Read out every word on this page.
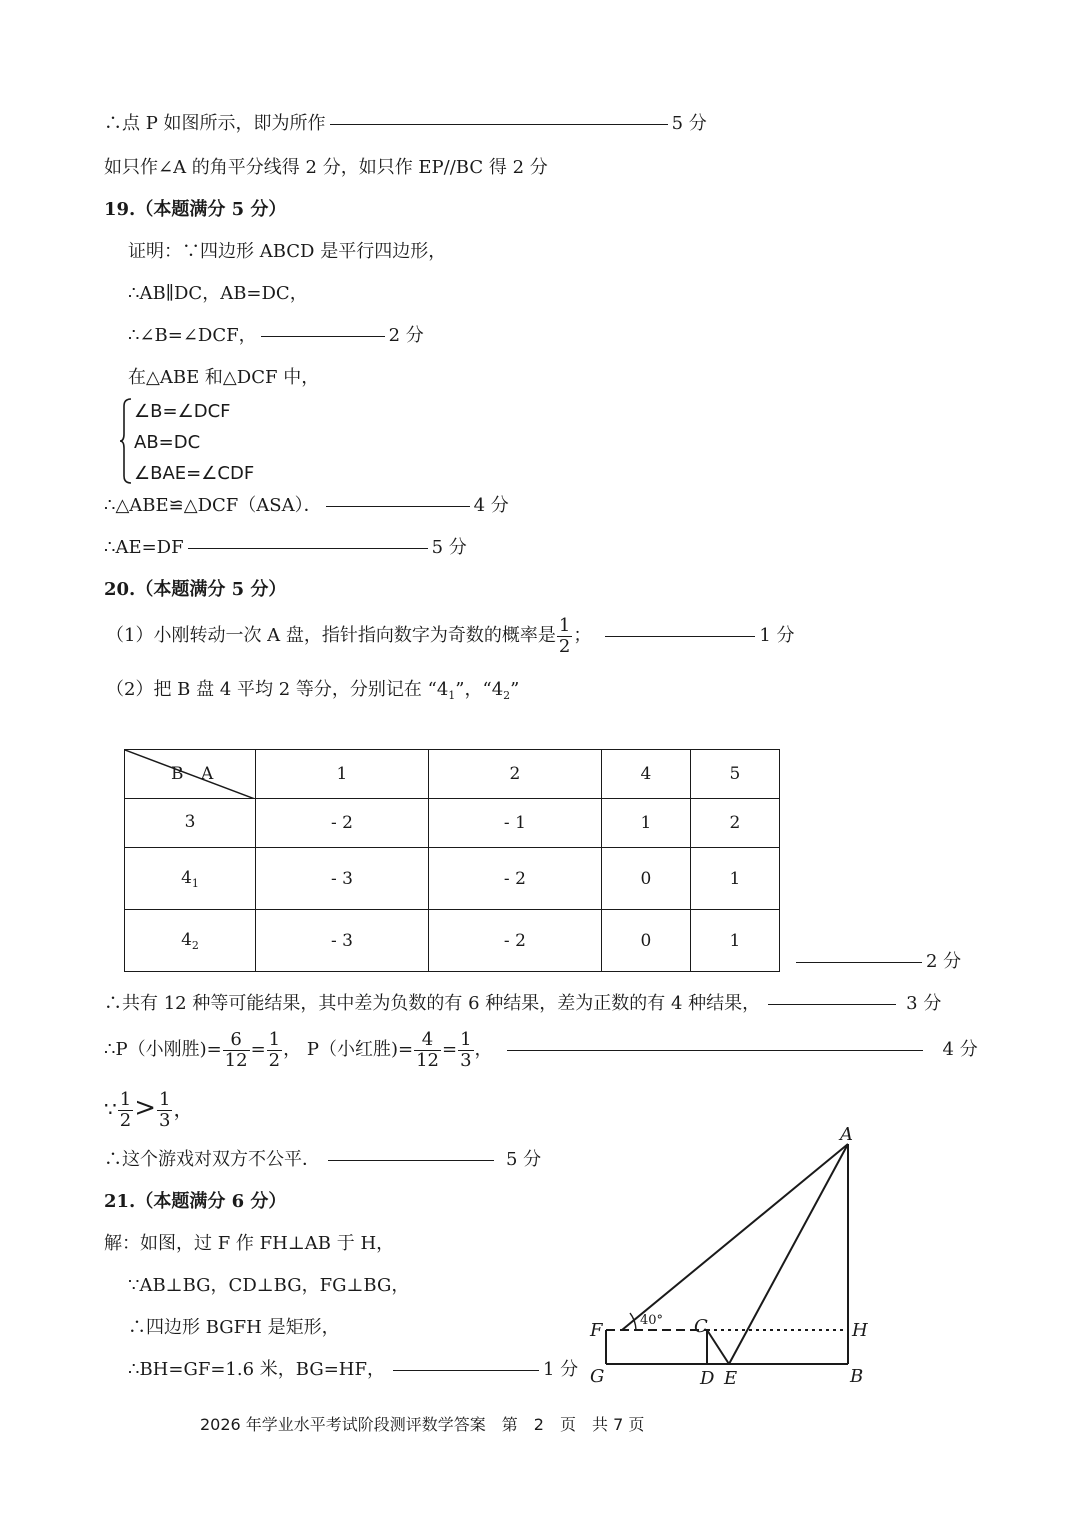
∴点 P 如图所示，即为所作	5 分
如只作∠A 的角平分线得 2 分，如只作 EP//BC 得 2 分
19.（本题满分 5 分）
证明：∵四边形 ABCD 是平行四边形，
∴AB∥DC，AB=DC，
∴∠B=∠DCF，	2 分
在△ABE 和△DCF 中，
∠B=∠DCF
AB=DC
∠BAE=∠CDF
∴△ABE≌△DCF（ASA）．	4 分
∴AE=DF	5 分
20.（本题满分 5 分）
（1）小刚转动一次 A 盘，指针指向数字为奇数的概率是 $\frac{1}{2}$ ；	1 分
（2）把 B 盘 4 平均 2 等分，分别记在 “$4_1$”，“$4_2$”
B A	1	2	4	5
3	- 2	- 1	1	2
$4_1$	- 3	- 2	0	1
$4_2$	- 3	- 2	0	1
2 分
∴共有 12 种等可能结果，其中差为负数的有 6 种结果，差为正数的有 4 种结果，	3 分
∴P（小刚胜)= $\frac{6}{12} = \frac{1}{2}$ ， P（小红胜)= $\frac{4}{12} = \frac{1}{3}$ ，	4 分
∵ $\frac{1}{2} > \frac{1}{3}$ ，
∴这个游戏对双方不公平．	5 分
21.（本题满分 6 分）
解：如图，过 F 作 FH⊥AB 于 H，
∵AB⊥BG，CD⊥BG，FG⊥BG，
∴四边形 BGFH 是矩形，
∴BH=GF=1.6 米，BG=HF，	1 分
A
F	C	H
G	D E	B
40°
2026 年学业水平考试阶段测评数学答案　第　2　页　共 7 页
